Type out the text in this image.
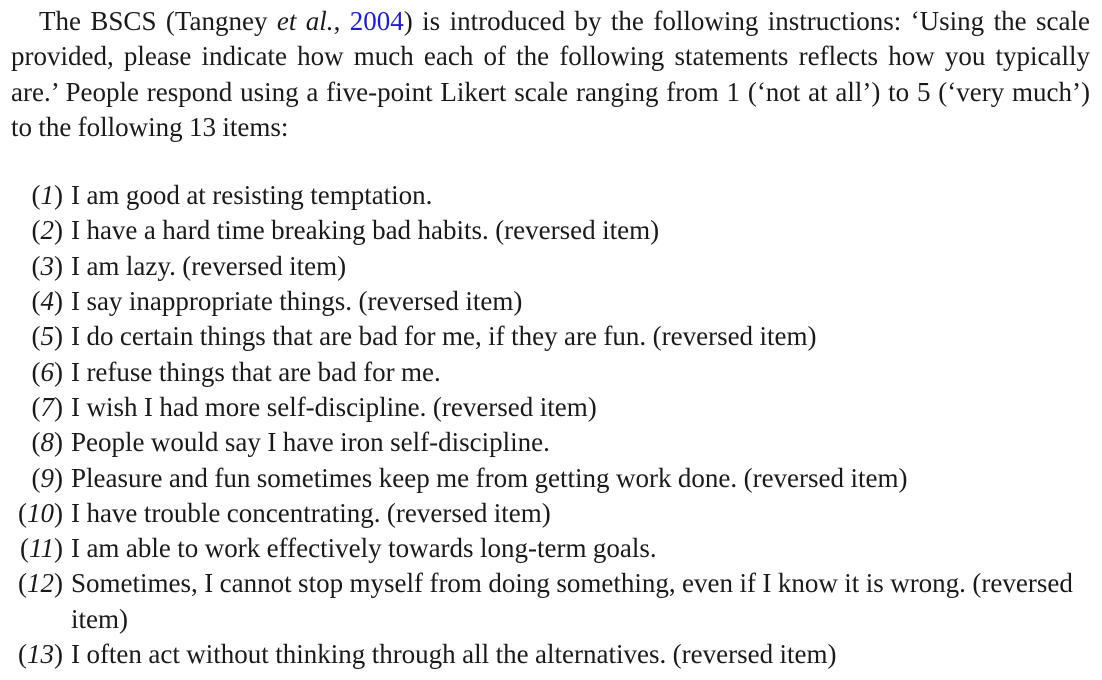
The BSCS (Tangney et al., 2004) is introduced by the following instructions: ‘Using the scale provided, please indicate how much each of the following statements reflects how you typically are.’ People respond using a five-point Likert scale ranging from 1 (‘not at all’) to 5 (‘very much’) to the following 13 items:

(1) I am good at resisting temptation.
(2) I have a hard time breaking bad habits. (reversed item)
(3) I am lazy. (reversed item)
(4) I say inappropriate things. (reversed item)
(5) I do certain things that are bad for me, if they are fun. (reversed item)
(6) I refuse things that are bad for me.
(7) I wish I had more self-discipline. (reversed item)
(8) People would say I have iron self-discipline.
(9) Pleasure and fun sometimes keep me from getting work done. (reversed item)
(10) I have trouble concentrating. (reversed item)
(11) I am able to work effectively towards long-term goals.
(12) Sometimes, I cannot stop myself from doing something, even if I know it is wrong. (reversed item)
(13) I often act without thinking through all the alternatives. (reversed item)
